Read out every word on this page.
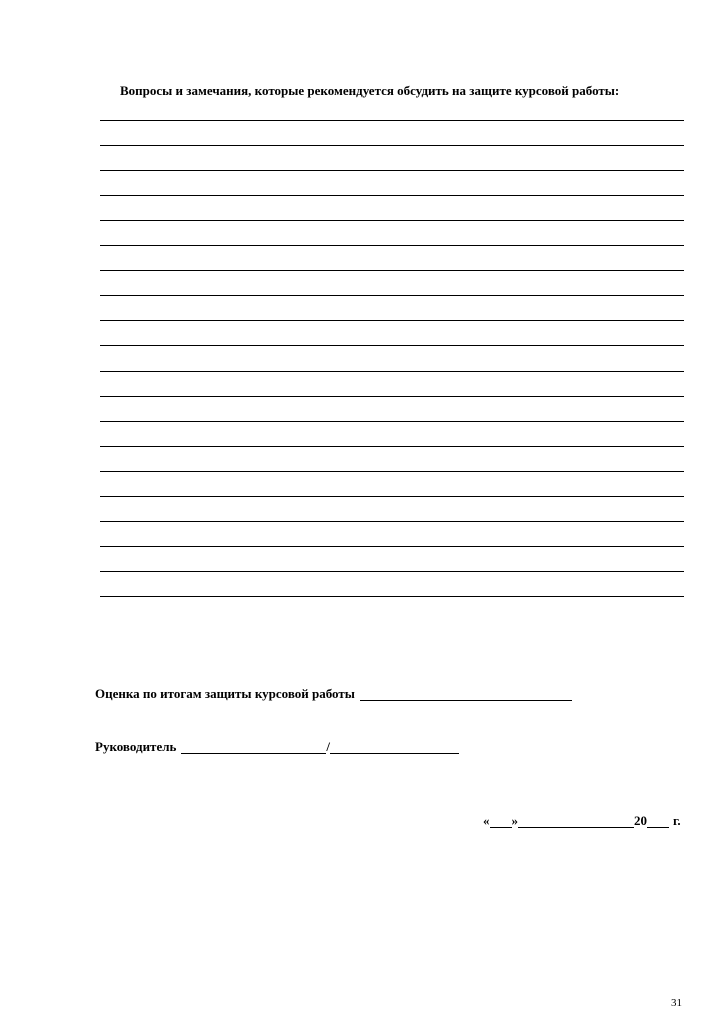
Вопросы и замечания, которые рекомендуется обсудить на защите курсовой работы:
Оценка по итогам защиты курсовой работы
Руководитель	/
« »	20 г.
31
